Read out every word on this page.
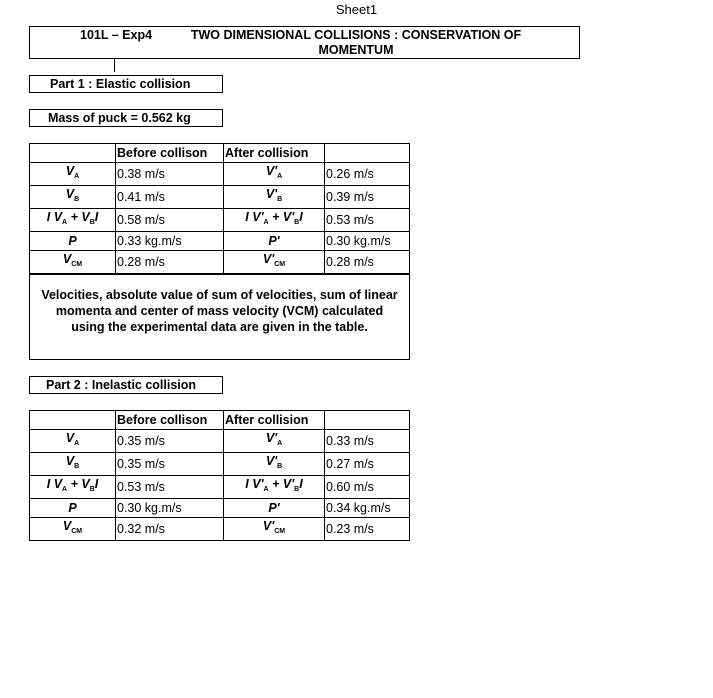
Sheet1
101L – Exp4	TWO DIMENSIONAL COLLISIONS : CONSERVATION OF MOMENTUM
Part 1 : Elastic collision
Mass of puck = 0.562 kg
	Before collison	After collision	
$V_A$	0.38 m/s	$V'_A$	0.26 m/s
$V_B$	0.41 m/s	$V'_B$	0.39 m/s
I $V_A + V_BI$	0.58 m/s	I $V'_A + V'_BI$	0.53 m/s
P	0.33 kg.m/s	P'	0.30 kg.m/s
$V_{CM}$	0.28 m/s	$V'_{CM}$	0.28 m/s
Velocities, absolute value of sum of velocities, sum of linear momenta and center of mass velocity (VCM) calculated using the experimental data are given in the table.
Part 2 : Inelastic collision
	Before collison	After collision	
$V_A$	0.35 m/s	$V'_A$	0.33 m/s
$V_B$	0.35 m/s	$V'_B$	0.27 m/s
I $V_A + V_BI$	0.53 m/s	I $V'_A + V'_BI$	0.60 m/s
P	0.30 kg.m/s	P'	0.34 kg.m/s
$V_{CM}$	0.32 m/s	$V'_{CM}$	0.23 m/s
